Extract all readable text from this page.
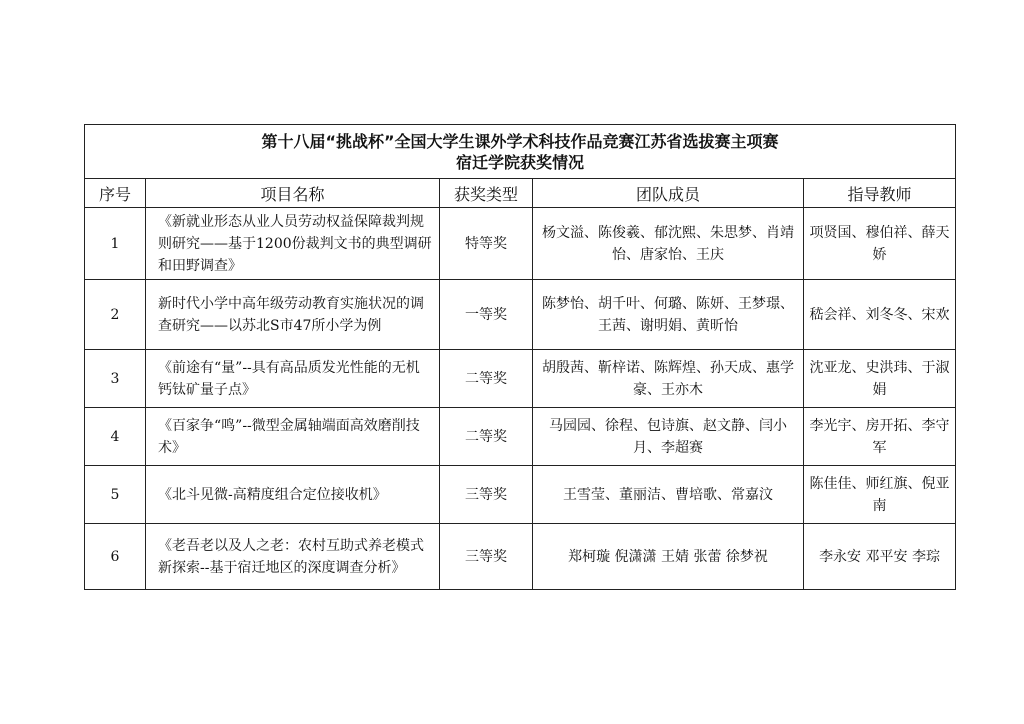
第十八届“挑战杯”全国大学生课外学术科技作品竞赛江苏省选拔赛主项赛
宿迁学院获奖情况				

序号	项目名称	获奖类型	团队成员	指导教师
1	《新就业形态从业人员劳动权益保障裁判规则研究——基于1200份裁判文书的典型调研和田野调查》	特等奖	杨文溢、陈俊羲、郁沈熙、朱思梦、肖靖怡、唐家怡、王庆	项贤国、穆伯祥、薛天娇
2	新时代小学中高年级劳动教育实施状况的调查研究——以苏北S市47所小学为例	一等奖	陈梦怡、胡千叶、何璐、陈妍、王梦璟、王茜、谢明娟、黄昕怡	嵇会祥、刘冬冬、宋欢
3	《前途有“量”--具有高品质发光性能的无机钙钛矿量子点》	二等奖	胡殷茜、靳梓诺、陈辉煌、孙天成、惠学豪、王亦木	沈亚龙、史洪玮、于淑娟
4	《百家争“鸣”--微型金属轴端面高效磨削技术》	二等奖	马园园、徐程、包诗旗、赵文静、闫小月、李超赛	李光宇、房开拓、李守军
5	《北斗见微-高精度组合定位接收机》	三等奖	王雪莹、董丽洁、曹培歌、常嘉汶	陈佳佳、师红旗、倪亚南
6	《老吾老以及人之老：农村互助式养老模式新探索--基于宿迁地区的深度调查分析》	三等奖	郑柯璇 倪潇潇 王婧 张蕾 徐梦祝	李永安 邓平安 李琮
